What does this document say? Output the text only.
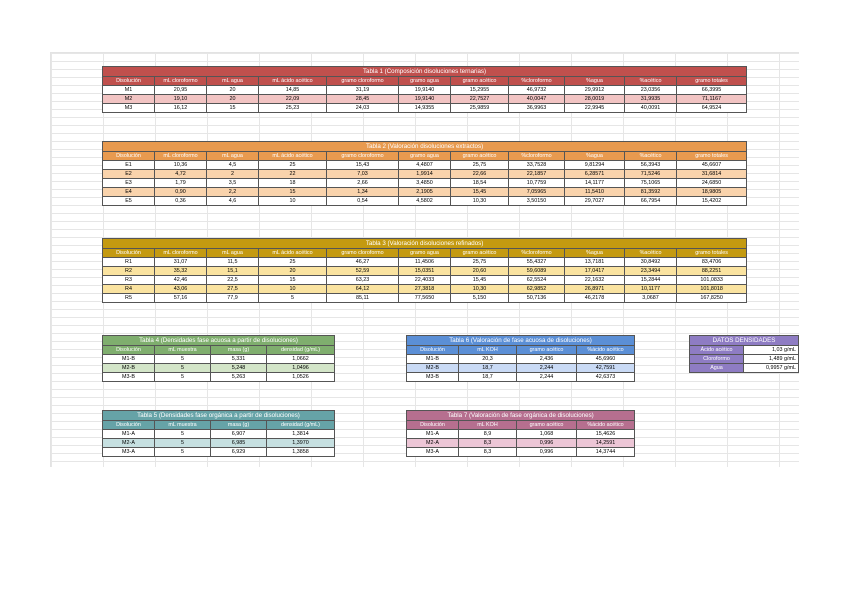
Tabla 1 (Composición disoluciones ternarias)										
Disolución	mL cloroformo	mL agua	mL ácido acético	gramo cloroformo	gramo agua	gramo acético	%cloroformo	%agua	%acético	gramo totales
M1	20,95	20	14,85	31,19	19,9140	15,2955	46,9732	29,9912	23,0356	66,3995
M2	19,10	20	22,09	28,45	19,9140	22,7527	40,0047	28,0019	31,9935	71,1167
M3	16,12	15	25,23	24,03	14,9355	25,9859	36,9963	22,9945	40,0091	64,9524
Tabla 2 (Valoración disoluciones extractos)										
Disolución	mL cloroformo	mL agua	mL ácido acético	gramo cloroformo	gramo agua	gramo acético	%cloroformo	%agua	%acético	gramo totales
E1	10,36	4,5	25	15,43	4,4807	25,75	33,7528	9,81294	56,3943	45,6607
E2	4,72	2	22	7,03	1,9914	22,66	22,1857	6,28571	71,5246	31,6814
E3	1,79	3,5	18	2,66	3,4850	18,54	10,7759	14,1177	75,1065	24,6850
E4	0,90	2,2	15	1,34	2,1905	15,45	7,05965	11,5410	81,3592	18,9805
E5	0,36	4,6	10	0,54	4,5802	10,30	3,50150	29,7027	66,7954	15,4202
Tabla 3 (Valoración disoluciones refinados)										
Disolución	mL cloroformo	mL agua	mL ácido acético	gramo cloroformo	gramo agua	gramo acético	%cloroformo	%agua	%acético	gramo totales
R1	31,07	11,5	25	46,27	11,4506	25,75	55,4327	13,7181	30,8492	83,4706
R2	35,32	15,1	20	52,59	15,0351	20,60	59,6089	17,0417	23,3494	88,2251
R3	42,46	22,5	15	63,23	22,4033	15,45	62,5524	22,1632	15,2844	101,0833
R4	43,06	27,5	10	64,12	27,3818	10,30	62,9852	26,8971	10,1177	101,8018
R5	57,16	77,9	5	85,11	77,5650	5,150	50,7136	46,2178	3,0687	167,8250
Tabla 4 (Densidades fase acuosa a partir de disoluciones)			
Disolución	mL muestra	masa (g)	densidad (g/mL)
M1-B	5	5,331	1,0662
M2-B	5	5,248	1,0496
M3-B	5	5,263	1,0526
Tabla 5 (Densidades fase orgánica a partir de disoluciones)			
Disolución	mL muestra	masa (g)	densidad (g/mL)
M1-A	5	6,907	1,3814
M2-A	5	6,985	1,3970
M3-A	5	6,929	1,3858
Tabla 6 (Valoración de fase acuosa de disoluciones)			
Disolución	mL KOH	gramo acético	%ácido acético
M1-B	20,3	2,436	45,6960
M2-B	18,7	2,244	42,7591
M3-B	18,7	2,244	42,6373
Tabla 7 (Valoración de fase orgánica de disoluciones)			
Disolución	mL KOH	gramo acético	%ácido acético
M1-A	8,9	1,068	15,4626
M2-A	8,3	0,996	14,2591
M3-A	8,3	0,996	14,3744
DATOS DENSIDADES	
Ácido acético	1,03 g/mL
Cloroformo	1,489 g/mL
Agua	0,9957 g/mL
